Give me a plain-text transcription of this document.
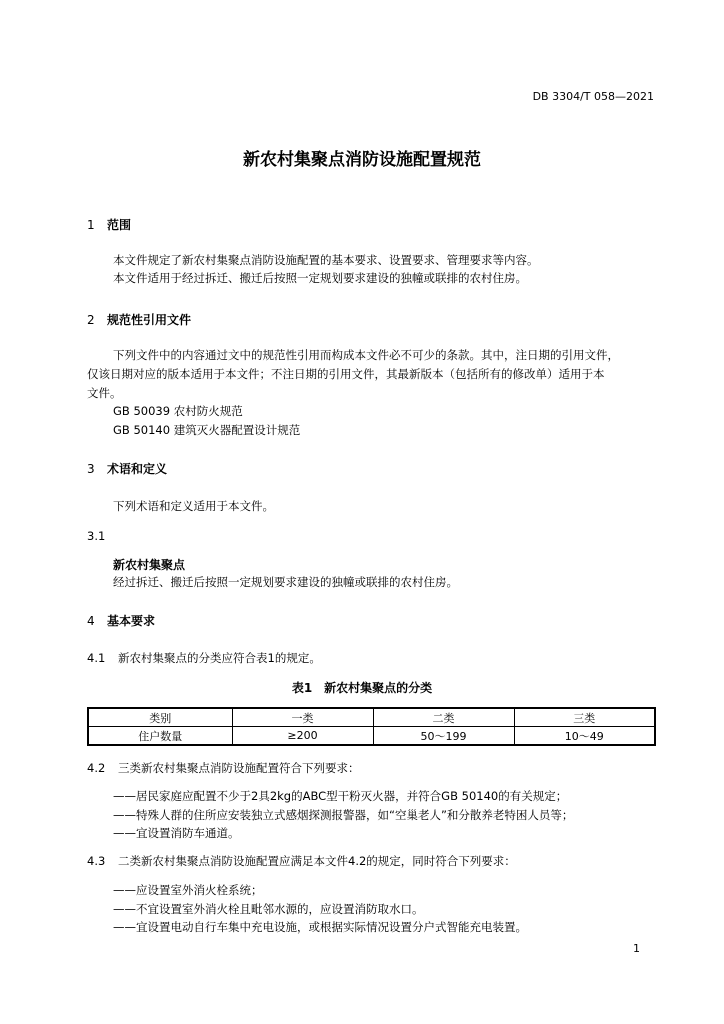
DB 3304/T 058—2021
新农村集聚点消防设施配置规范
1 范围
本文件规定了新农村集聚点消防设施配置的基本要求、设置要求、管理要求等内容。
本文件适用于经过拆迁、搬迁后按照一定规划要求建设的独幢或联排的农村住房。
2 规范性引用文件
下列文件中的内容通过文中的规范性引用而构成本文件必不可少的条款。其中，注日期的引用文件，
仅该日期对应的版本适用于本文件；不注日期的引用文件，其最新版本（包括所有的修改单）适用于本
文件。
GB 50039 农村防火规范
GB 50140 建筑灭火器配置设计规范
3 术语和定义
下列术语和定义适用于本文件。
3.1
新农村集聚点
经过拆迁、搬迁后按照一定规划要求建设的独幢或联排的农村住房。
4 基本要求
4.1 新农村集聚点的分类应符合表1的规定。
表1　新农村集聚点的分类
类别	一类	二类	三类
住户数量	≥200	50～199	10～49
4.2 三类新农村集聚点消防设施配置符合下列要求：
——居民家庭应配置不少于2具2kg的ABC型干粉灭火器，并符合GB 50140的有关规定；
——特殊人群的住所应安装独立式感烟探测报警器，如“空巢老人”和分散养老特困人员等；
——宜设置消防车通道。
4.3 二类新农村集聚点消防设施配置应满足本文件4.2的规定，同时符合下列要求：
——应设置室外消火栓系统；
——不宜设置室外消火栓且毗邻水源的，应设置消防取水口。
——宜设置电动自行车集中充电设施，或根据实际情况设置分户式智能充电装置。
1
